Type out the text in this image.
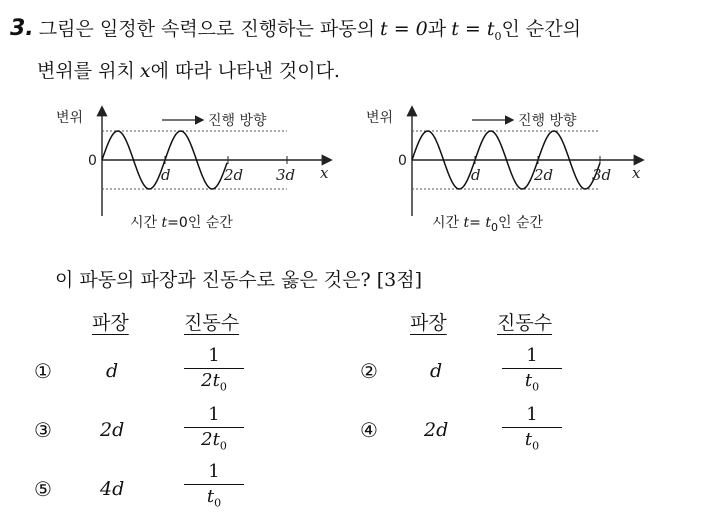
3. 그림은 일정한 속력으로 진행하는 파동의 t = 0과 $t = t_0$인 순간의
변위를 위치 x에 따라 나타낸 것이다.
변위	진행 방향
0
d	2d 3d x
시간 t=0인 순간
변위	진행 방향
0
d	2d	3d x
시간 $t= t_0$인 순간
이 파동의 파장과 진동수로 옳은 것은? [3점]
파장	진동수	파장	진동수
①	d	$\frac{1}{2t_0}$	②	d	$\frac{1}{t_0}$
③	2d	$\frac{1}{2t_0}$	④ 2d	$\frac{1}{t_0}$
⑤	4d	$\frac{1}{t_0}$
